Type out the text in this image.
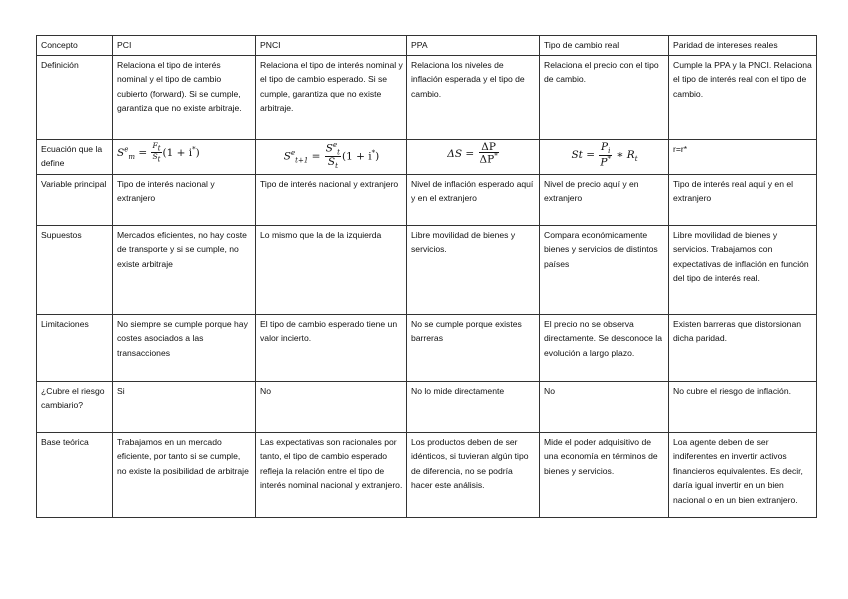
Concepto	PCI	PNCI	PPA	Tipo de cambio real	Paridad de intereses reales
Definición	Relaciona el tipo de interés nominal y el tipo de cambio cubierto (forward). Si se cumple, garantiza que no existe arbitraje.	Relaciona el tipo de interés nominal y el tipo de cambio esperado. Si se cumple, garantiza que no existe arbitraje.	Relaciona los niveles de inflación esperada y el tipo de cambio.	Relaciona el precio con el tipo de cambio.	Cumple la PPA y la PNCI. Relaciona el tipo de interés real con el tipo de cambio.
Ecuación que la define	$S^e_m = \frac{Ft}{St} (1 + i^*)$	$S^e_{t+1} = \frac{S^e_t}{S_t} (1 + i^*)$	$\Delta S = \frac{\Delta P}{\Delta P^*}$	$St = \frac{P_i}{P^*}$ ∗ $R_t$	r=r*
Variable principal	Tipo de interés nacional y extranjero	Tipo de interés nacional y extranjero	Nivel de inflación esperado aquí y en el extranjero	Nivel de precio aquí y en extranjero	Tipo de interés real aquí y en el extranjero
Supuestos	Mercados eficientes, no hay coste de transporte y si se cumple, no existe arbitraje	Lo mismo que la de la izquierda	Libre movilidad de bienes y servicios.	Compara económicamente bienes y servicios de distintos países	Libre movilidad de bienes y servicios. Trabajamos con expectativas de inflación en función del tipo de interés real.
Limitaciones	No siempre se cumple porque hay costes asociados a las transacciones	El tipo de cambio esperado tiene un valor incierto.	No se cumple porque existes barreras	El precio no se observa directamente. Se desconoce la evolución a largo plazo.	Existen barreras que distorsionan dicha paridad.
¿Cubre el riesgo cambiario?	Si	No	No lo mide directamente	No	No cubre el riesgo de inflación.
Base teórica	Trabajamos en un mercado eficiente, por tanto si se cumple, no existe la posibilidad de arbitraje	Las expectativas son racionales por tanto, el tipo de cambio esperado refleja la relación entre el tipo de interés nominal nacional y extranjero.	Los productos deben de ser idénticos, si tuvieran algún tipo de diferencia, no se podría hacer este análisis.	Mide el poder adquisitivo de una economía en términos de bienes y servicios.	Loa agente deben de ser indiferentes en invertir activos financieros equivalentes. Es decir, daría igual invertir en un bien nacional o en un bien extranjero.
